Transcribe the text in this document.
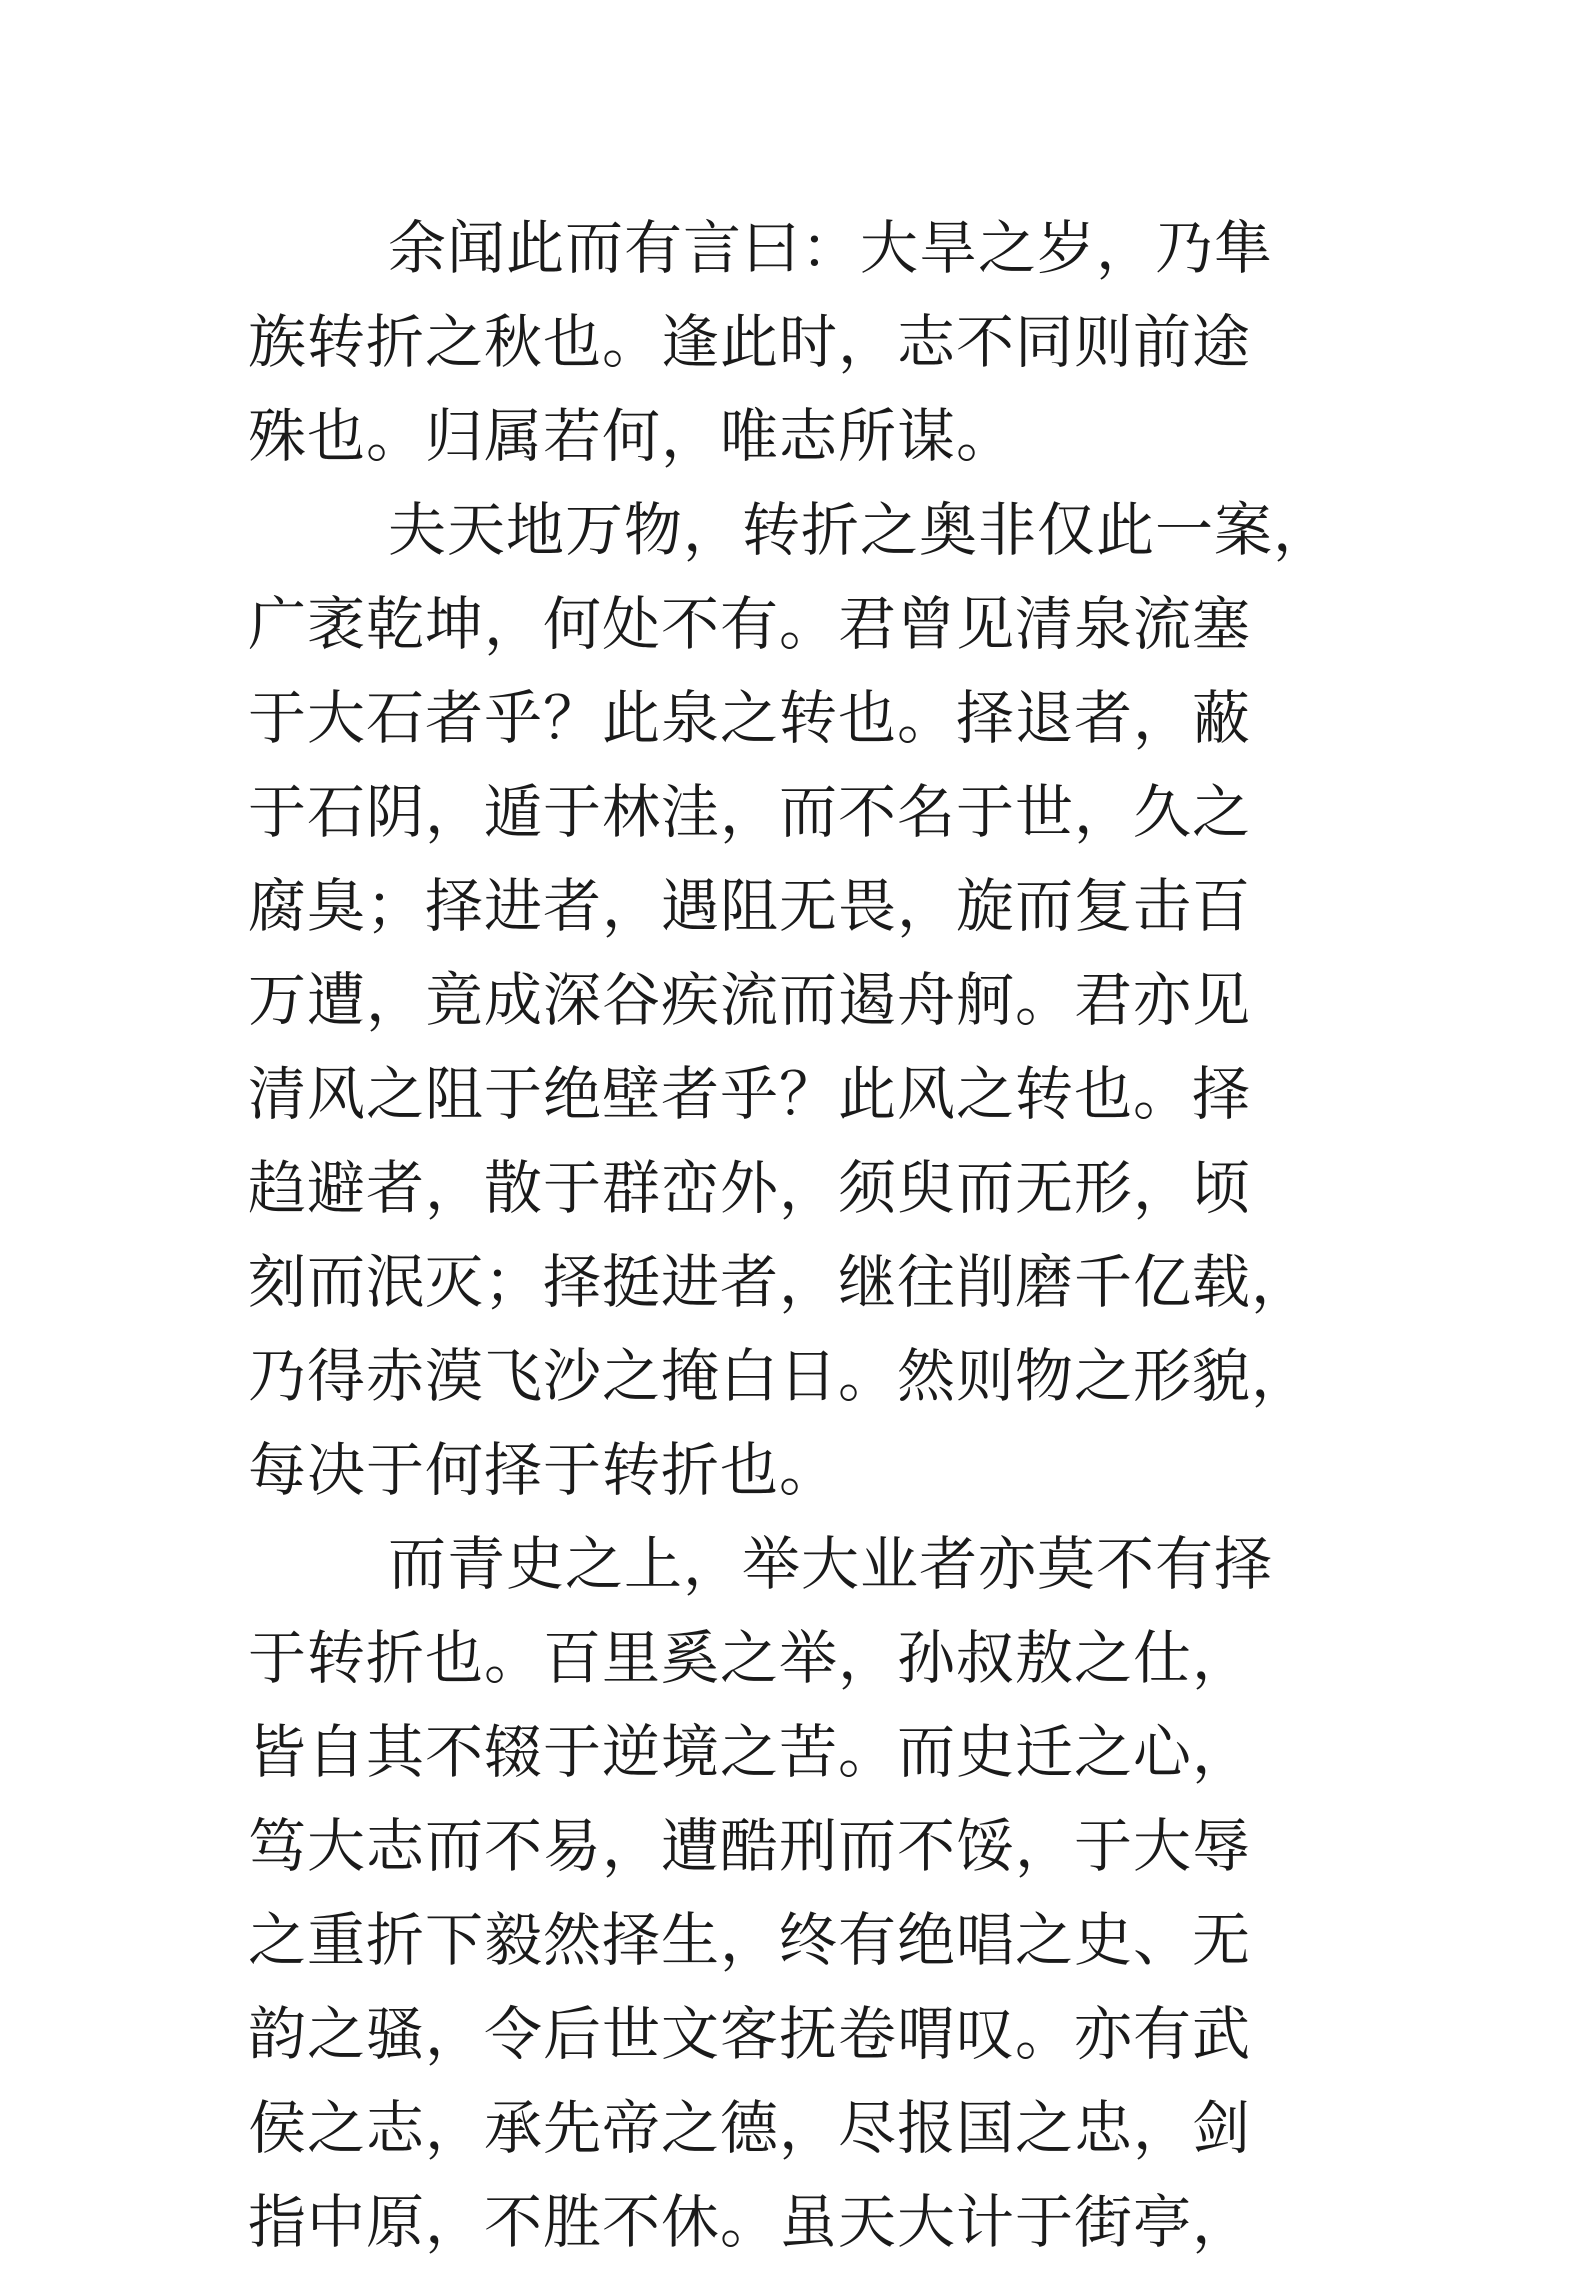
余闻此而有言曰：大旱之岁，乃隼
族转折之秋也。逢此时，志不同则前途
殊也。归属若何，唯志所谋。
夫天地万物，转折之奥非仅此一案，
广袤乾坤，何处不有。君曾见清泉流塞
于大石者乎？此泉之转也。择退者，蔽
于石阴，遁于林洼，而不名于世，久之
腐臭；择进者，遇阻无畏，旋而复击百
万遭，竟成深谷疾流而遏舟舸。君亦见
清风之阻于绝壁者乎？此风之转也。择
趋避者，散于群峦外，须臾而无形，顷
刻而泯灭；择挺进者，继往削磨千亿载，
乃得赤漠飞沙之掩白日。然则物之形貌，
每决于何择于转折也。
而青史之上，举大业者亦莫不有择
于转折也。百里奚之举，孙叔敖之仕，
皆自其不辍于逆境之苦。而史迁之心，
笃大志而不易，遭酷刑而不馁，于大辱
之重折下毅然择生，终有绝唱之史、无
韵之骚，令后世文客抚卷喟叹。亦有武
侯之志，承先帝之德，尽报国之忠，剑
指中原，不胜不休。虽天大计于街亭，
